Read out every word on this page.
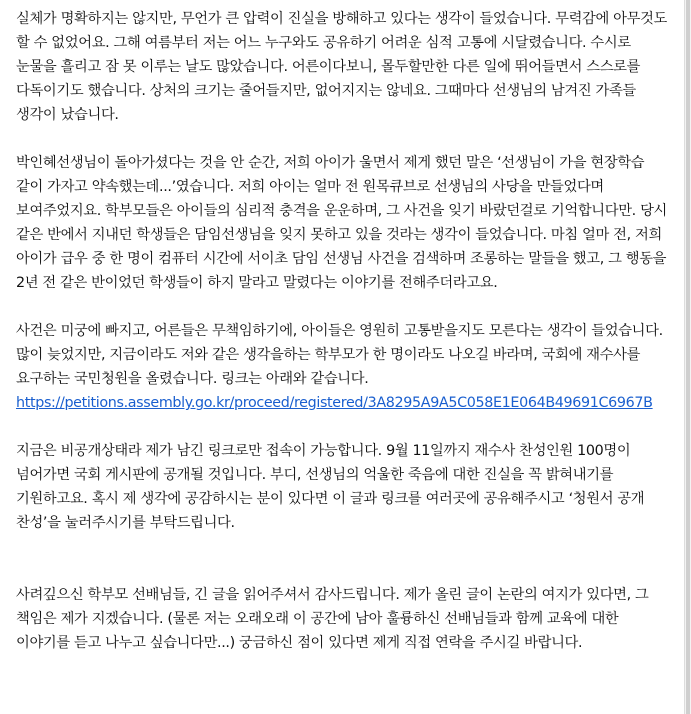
실체가 명확하지는 않지만, 무언가 큰 압력이 진실을 방해하고 있다는 생각이 들었습니다. 무력감에 아무것도 할 수 없었어요. 그해 여름부터 저는 어느 누구와도 공유하기 어려운 심적 고통에 시달렸습니다. 수시로 눈물을 흘리고 잠 못 이루는 날도 많았습니다. 어른이다보니, 몰두할만한 다른 일에 뛰어들면서 스스로를 다독이기도 했습니다. 상처의 크기는 줄어들지만, 없어지지는 않네요. 그때마다 선생님의 남겨진 가족들 생각이 났습니다.

박인혜선생님이 돌아가셨다는 것을 안 순간, 저희 아이가 울면서 제게 했던 말은 ‘선생님이 가을 현장학습 같이 가자고 약속했는데...’였습니다. 저희 아이는 얼마 전 원목큐브로 선생님의 사당을 만들었다며 보여주었지요. 학부모들은 아이들의 심리적 충격을 운운하며, 그 사건을 잊기 바랐던걸로 기억합니다만. 당시 같은 반에서 지내던 학생들은 담임선생님을 잊지 못하고 있을 것라는 생각이 들었습니다. 마침 얼마 전, 저희 아이가 급우 중 한 명이 컴퓨터 시간에 서이초 담임 선생님 사건을 검색하며 조롱하는 말들을 했고, 그 행동을 2년 전 같은 반이었던 학생들이 하지 말라고 말렸다는 이야기를 전해주더라고요.

사건은 미궁에 빠지고, 어른들은 무책임하기에, 아이들은 영원히 고통받을지도 모른다는 생각이 들었습니다. 많이 늦었지만, 지금이라도 저와 같은 생각을하는 학부모가 한 명이라도 나오길 바라며, 국회에 재수사를 요구하는 국민청원을 올렸습니다. 링크는 아래와 같습니다.

https://petitions.assembly.go.kr/proceed/registered/3A8295A9A5C058E1E064B49691C6967B

지금은 비공개상태라 제가 남긴 링크로만 접속이 가능합니다. 9월 11일까지 재수사 찬성인원 100명이 넘어가면 국회 게시판에 공개될 것입니다. 부디, 선생님의 억울한 죽음에 대한 진실을 꼭 밝혀내기를 기원하고요. 혹시 제 생각에 공감하시는 분이 있다면 이 글과 링크를 여러곳에 공유해주시고 ‘청원서 공개 찬성’을 눌러주시기를 부탁드립니다.

사려깊으신 학부모 선배님들, 긴 글을 읽어주셔서 감사드립니다. 제가 올린 글이 논란의 여지가 있다면, 그 책임은 제가 지겠습니다. (물론 저는 오래오래 이 공간에 남아 훌륭하신 선배님들과 함께 교육에 대한 이야기를 듣고 나누고 싶습니다만...) 궁금하신 점이 있다면 제게 직접 연락을 주시길 바랍니다.
